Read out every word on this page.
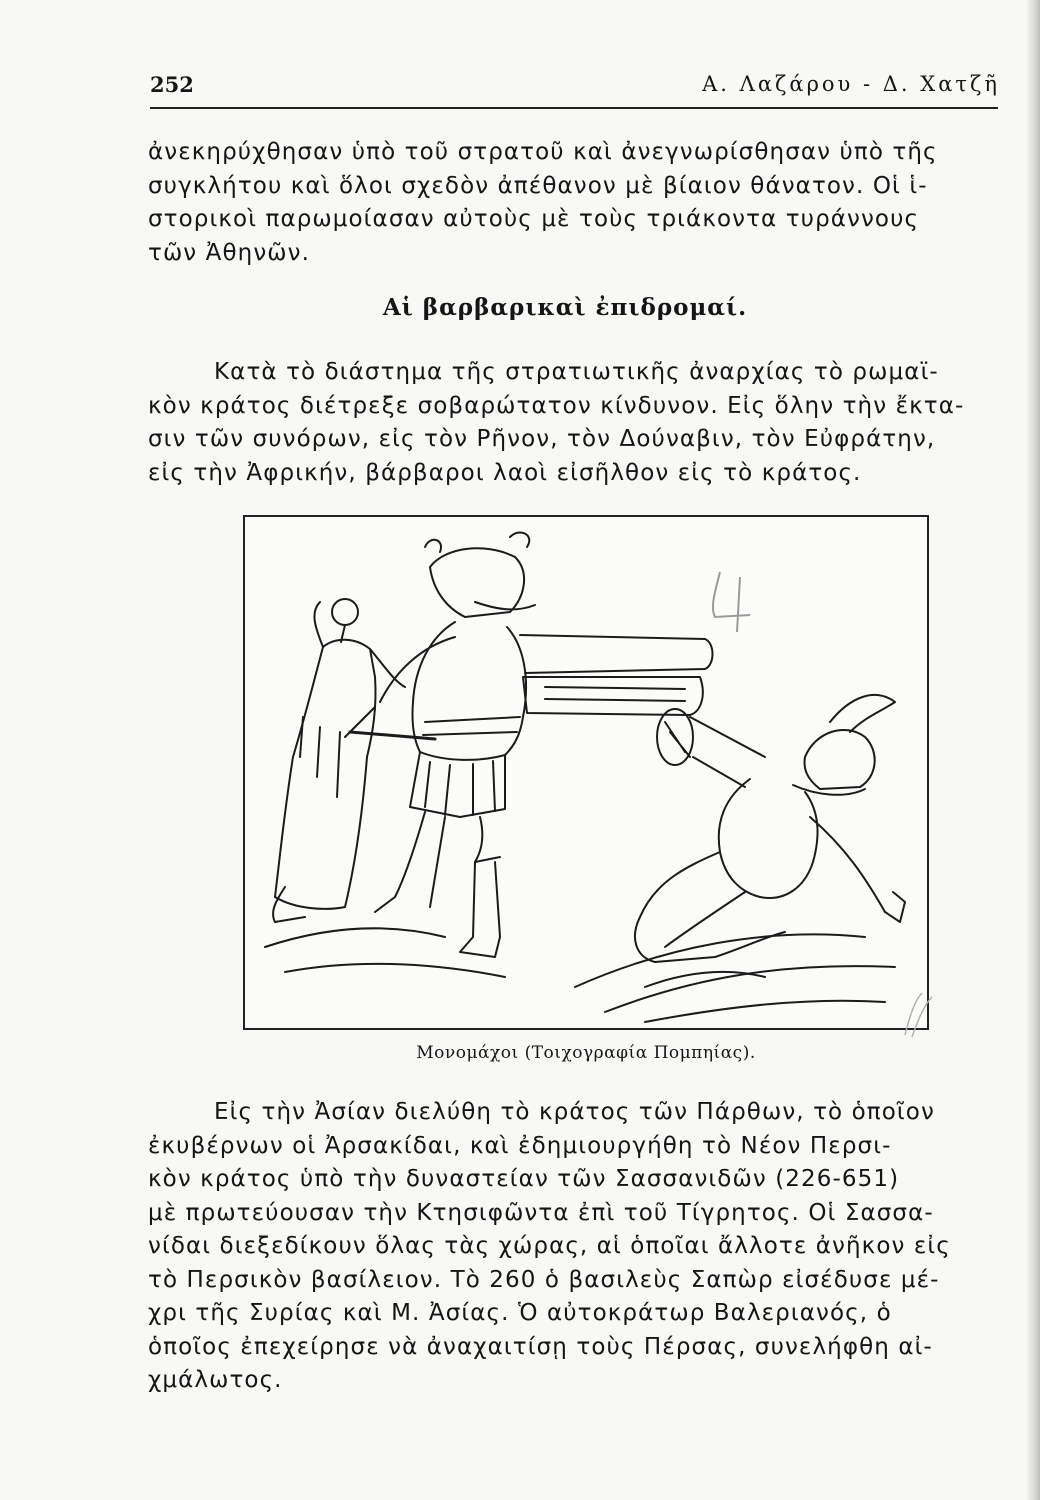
252	Α. Λαζάρου - Δ. Χατζῆ

ἀνεκηρύχθησαν ὑπὸ τοῦ στρατοῦ καὶ ἀνεγνωρίσθησαν ὑπὸ τῆς
συγκλήτου καὶ ὅλοι σχεδὸν ἀπέθανον μὲ βίαιον θάνατον. Οἱ ἱ-
στορικοὶ παρωμοίασαν αὐτοὺς μὲ τοὺς τριάκοντα τυράννους
τῶν Ἀθηνῶν.

Αἱ βαρβαρικαὶ ἐπιδρομαί.

Κατὰ τὸ διάστημα τῆς στρατιωτικῆς ἀναρχίας τὸ ρωμαϊ-
κὸν κράτος διέτρεξε σοβαρώτατον κίνδυνον. Εἰς ὅλην τὴν ἔκτα-
σιν τῶν συνόρων, εἰς τὸν Ρῆνον, τὸν Δούναβιν, τὸν Εὐφράτην,
εἰς τὴν Ἀφρικήν, βάρβαροι λαοὶ εἰσῆλθον εἰς τὸ κράτος.

Μονομάχοι (Τοιχογραφία Πομπηίας).

Εἰς τὴν Ἀσίαν διελύθη τὸ κράτος τῶν Πάρθων, τὸ ὁποῖον
ἐκυβέρνων οἱ Ἀρσακίδαι, καὶ ἐδημιουργήθη τὸ Νέον Περσι-
κὸν κράτος ὑπὸ τὴν δυναστείαν τῶν Σασσανιδῶν (226-651)
μὲ πρωτεύουσαν τὴν Κτησιφῶντα ἐπὶ τοῦ Τίγρητος. Οἱ Σασσα-
νίδαι διεξεδίκουν ὅλας τὰς χώρας, αἱ ὁποῖαι ἄλλοτε ἀνῆκον εἰς
τὸ Περσικὸν βασίλειον. Τὸ 260 ὁ βασιλεὺς Σαπὼρ εἰσέδυσε μέ-
χρι τῆς Συρίας καὶ Μ. Ἀσίας. Ὁ αὐτοκράτωρ Βαλεριανός, ὁ
ὁποῖος ἐπεχείρησε νὰ ἀναχαιτίσῃ τοὺς Πέρσας, συνελήφθη αἰ-
χμάλωτος.
